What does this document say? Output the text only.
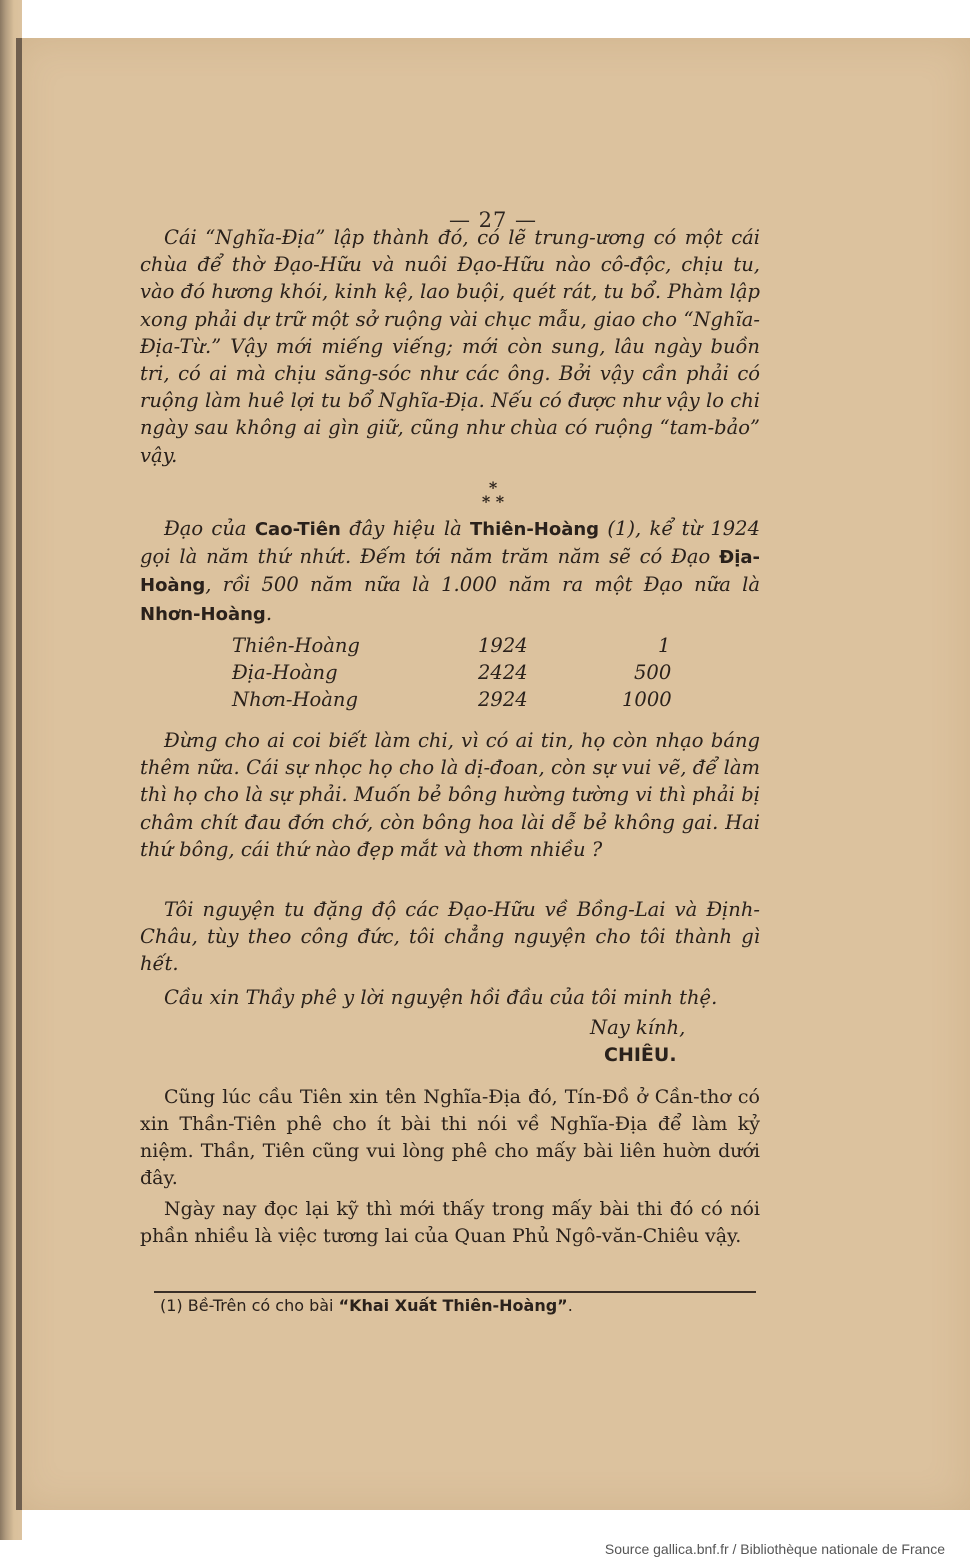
— 27 —

Cái “Nghĩa-Địa” lập thành đó, có lẽ trung-ương có một cái chùa để thờ Đạo-Hữu và nuôi Đạo-Hữu nào cô-độc, chịu tu, vào đó hương khói, kinh kệ, lao buội, quét rát, tu bổ. Phàm lập xong phải dự trữ một sở ruộng vài chục mẫu, giao cho “Nghĩa-Địa-Từ.” Vậy mới miếng viếng; mới còn sung, lâu ngày buồn tri, có ai mà chịu săng-sóc như các ông. Bởi vậy cần phải có ruộng làm huê lợi tu bổ Nghĩa-Địa. Nếu có được như vậy lo chi ngày sau không ai gìn giữ, cũng như chùa có ruộng “tam-bảo” vậy.

*
* *

Đạo của Cao-Tiên đây hiệu là Thiên-Hoàng (1), kể từ 1924 gọi là năm thứ nhứt. Đếm tới năm trăm năm sẽ có Đạo Địa-Hoàng, rồi 500 năm nữa là 1.000 năm ra một Đạo nữa là Nhơn-Hoàng.

Thiên-Hoàng	1924	1
Địa-Hoàng	2424	500
Nhơn-Hoàng	2924	1000

Đừng cho ai coi biết làm chi, vì có ai tin, họ còn nhạo báng thêm nữa. Cái sự nhọc họ cho là dị-đoan, còn sự vui vẽ, để làm thì họ cho là sự phải. Muốn bẻ bông hường tường vi thì phải bị châm chít đau đớn chớ, còn bông hoa lài dễ bẻ không gai. Hai thứ bông, cái thứ nào đẹp mắt và thơm nhiều ?

Tôi nguyện tu đặng độ các Đạo-Hữu về Bồng-Lai và Định-Châu, tùy theo công đức, tôi chẳng nguyện cho tôi thành gì hết.

Cầu xin Thầy phê y lời nguyện hồi đầu của tôi minh thệ.

Nay kính,
CHIÊU.

Cũng lúc cầu Tiên xin tên Nghĩa-Địa đó, Tín-Đồ ở Cần-thơ có xin Thần-Tiên phê cho ít bài thi nói về Nghĩa-Địa để làm kỷ niệm. Thần, Tiên cũng vui lòng phê cho mấy bài liên huờn dưới đây.

Ngày nay đọc lại kỹ thì mới thấy trong mấy bài thi đó có nói phần nhiều là việc tương lai của Quan Phủ Ngô-văn-Chiêu vậy.

(1) Bề-Trên có cho bài “Khai Xuất Thiên-Hoàng”.
Source gallica.bnf.fr / Bibliothèque nationale de France
